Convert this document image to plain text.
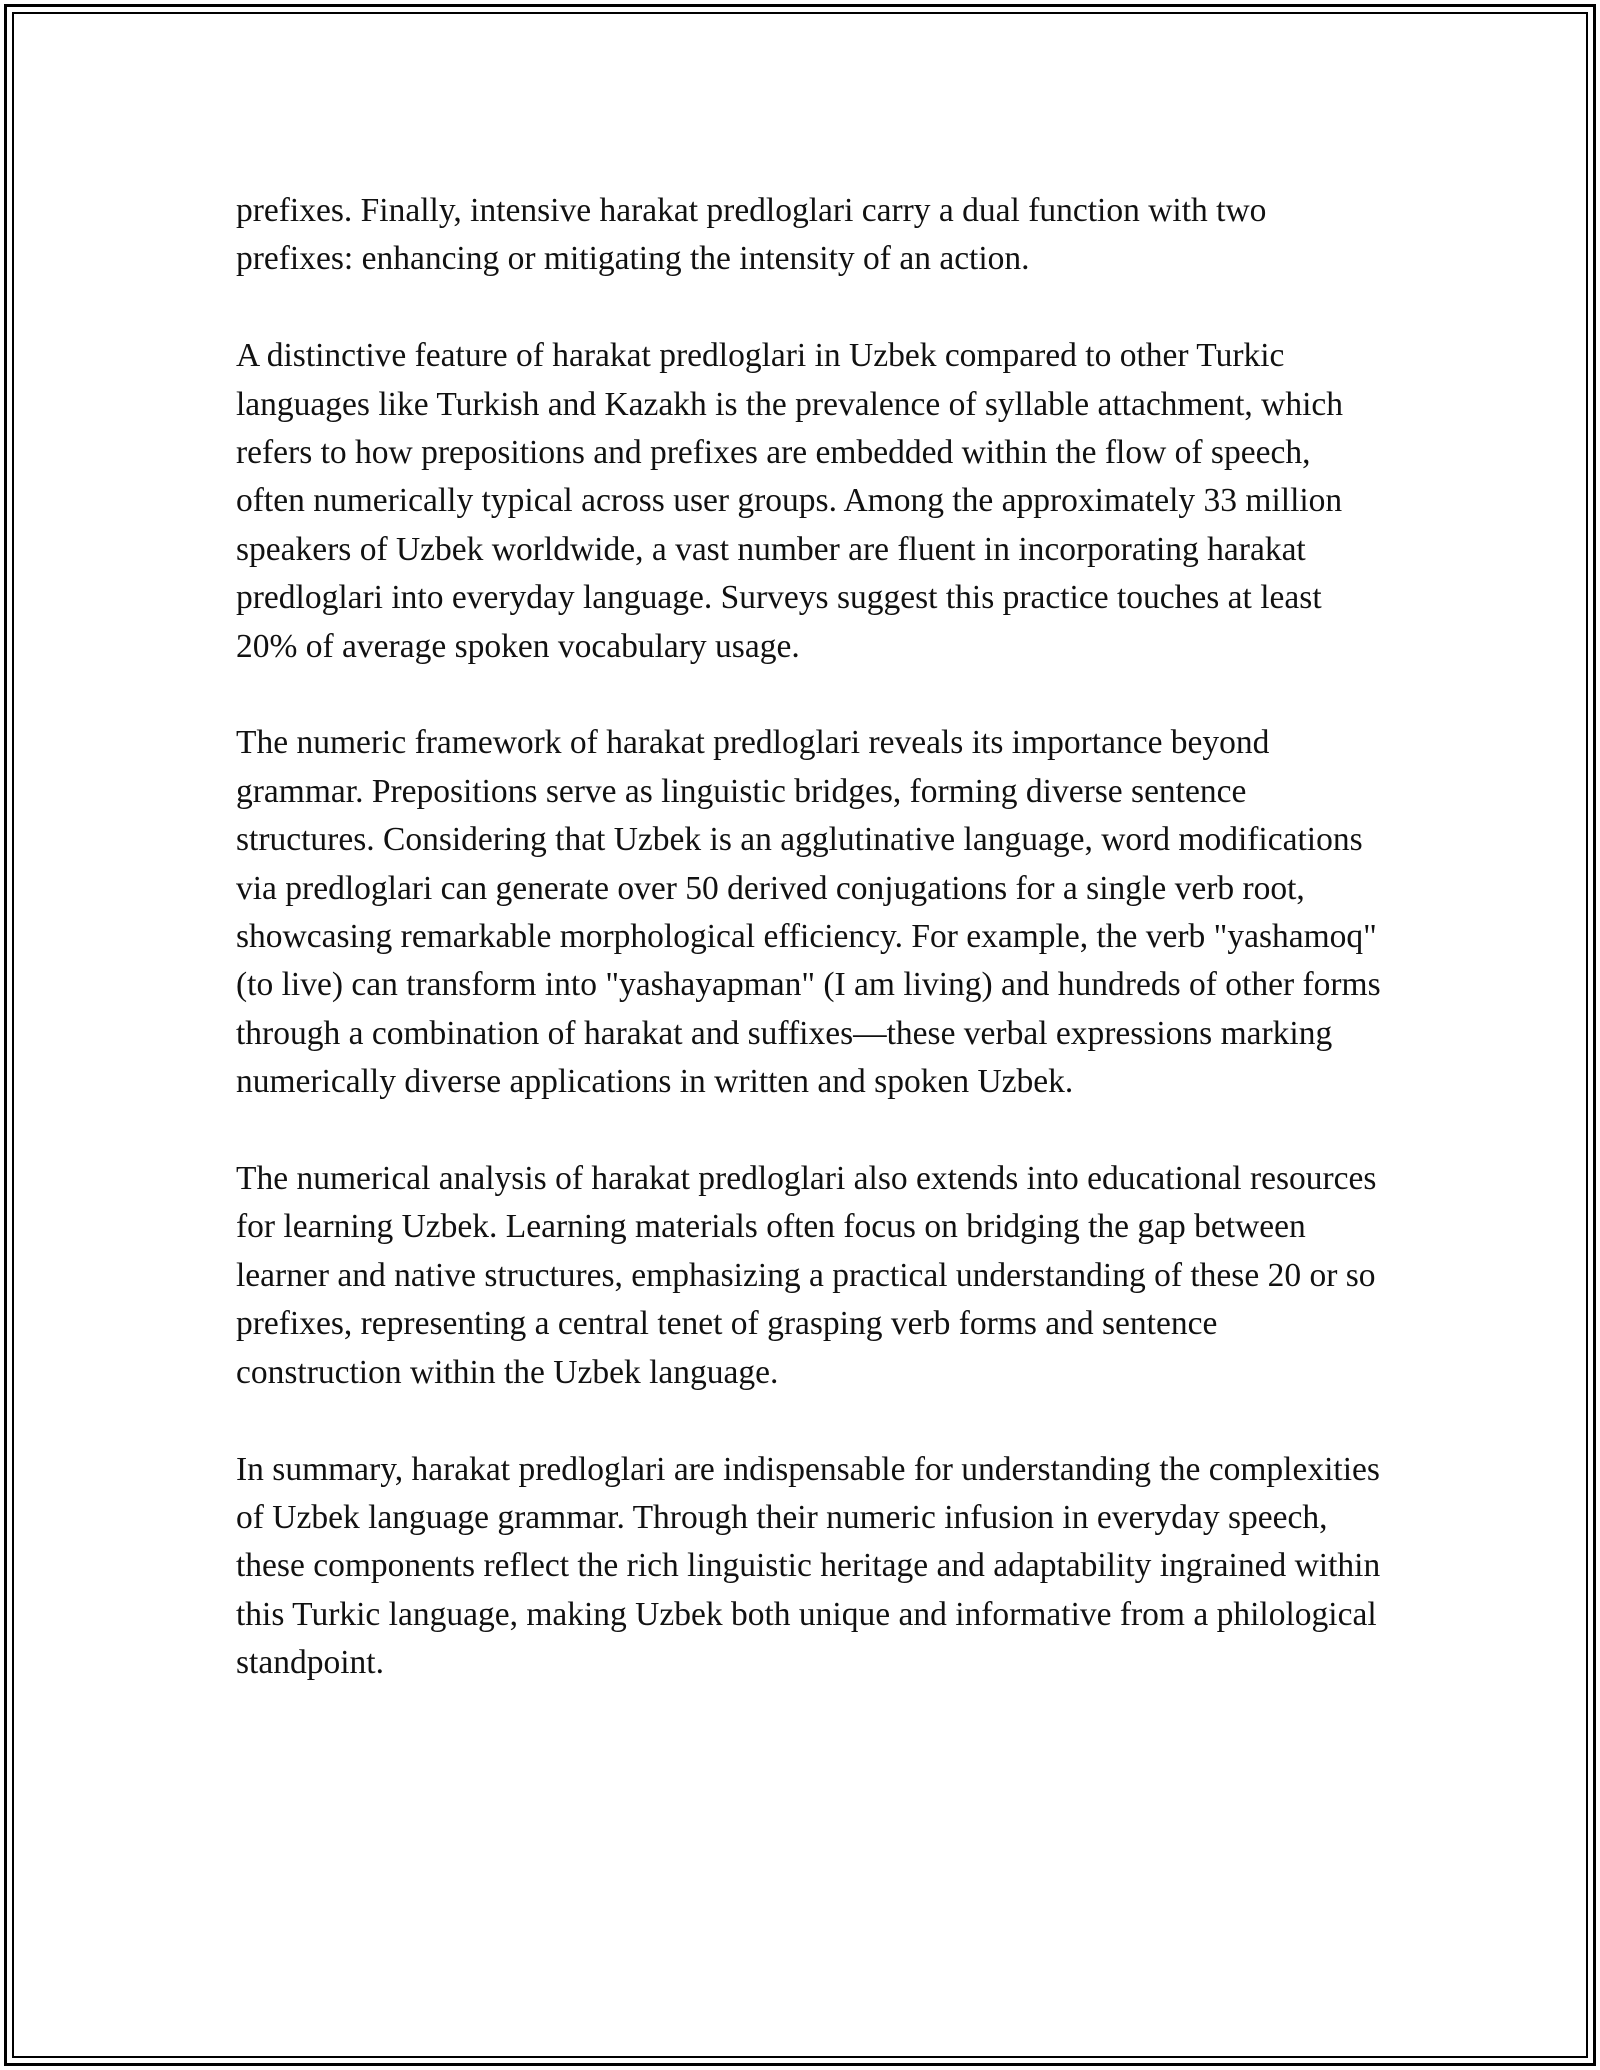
prefixes. Finally, intensive harakat predloglari carry a dual function with two prefixes: enhancing or mitigating the intensity of an action.

A distinctive feature of harakat predloglari in Uzbek compared to other Turkic languages like Turkish and Kazakh is the prevalence of syllable attachment, which refers to how prepositions and prefixes are embedded within the flow of speech, often numerically typical across user groups. Among the approximately 33 million speakers of Uzbek worldwide, a vast number are fluent in incorporating harakat predloglari into everyday language. Surveys suggest this practice touches at least 20% of average spoken vocabulary usage.

The numeric framework of harakat predloglari reveals its importance beyond grammar. Prepositions serve as linguistic bridges, forming diverse sentence structures. Considering that Uzbek is an agglutinative language, word modifications via predloglari can generate over 50 derived conjugations for a single verb root, showcasing remarkable morphological efficiency. For example, the verb "yashamoq" (to live) can transform into "yashayapman" (I am living) and hundreds of other forms through a combination of harakat and suffixes—these verbal expressions marking numerically diverse applications in written and spoken Uzbek.

The numerical analysis of harakat predloglari also extends into educational resources for learning Uzbek. Learning materials often focus on bridging the gap between learner and native structures, emphasizing a practical understanding of these 20 or so prefixes, representing a central tenet of grasping verb forms and sentence construction within the Uzbek language.

In summary, harakat predloglari are indispensable for understanding the complexities of Uzbek language grammar. Through their numeric infusion in everyday speech, these components reflect the rich linguistic heritage and adaptability ingrained within this Turkic language, making Uzbek both unique and informative from a philological standpoint.
